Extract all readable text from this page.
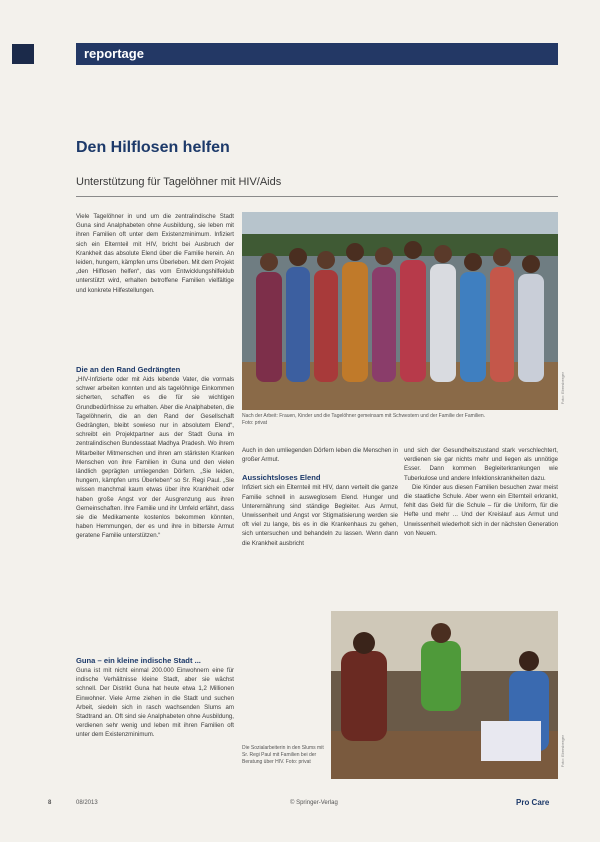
reportage
Den Hilflosen helfen
Unterstützung für Tagelöhner mit HIV/Aids

Viele Tagelöhner in und um die zentralindische Stadt Guna sind Analphabeten ohne Ausbildung, sie leben mit ihren Familien oft unter dem Existenzminimum. Infiziert sich ein Elternteil mit HIV, bricht bei Ausbruch der Krankheit das absolute Elend über die Familie herein. An leiden, hungern, kämpfen ums Überleben. Mit dem Projekt „den Hilflosen helfen“, das vom Entwicklungshilfeklub unterstützt wird, erhalten betroffene Familien vielfältige und konkrete Hilfestellungen.

Die an den Rand Gedrängten

„HIV-Infizierte oder mit Aids lebende Vater, die vormals schwer arbeiten konnten und als tagelöhnige Einkommen sicherten, schaffen es die für sie wichtigen Grundbedürfnisse zu erhalten. Aber die Analphabeten, die Tagelöhnerin, die an den Rand der Gesellschaft Gedrängten, bleibt sowieso nur in absolutem Elend“, schreibt ein Projektpartner aus der Stadt Guna im zentralindischen Bundesstaat Madhya Pradesh. Wo ihrem Mitarbeiter Mitmenschen und ihren am stärksten Kranken Menschen von ihre Familien in Guna und den vielen ländlich geprägten umliegenden Dörfern. „Sie leiden, hungern, kämpfen ums Überleben“ so Sr. Regi Paul. „Sie wissen manchmal kaum etwas über ihre Krankheit oder haben große Angst vor der Ausgrenzung aus ihren Gemeinschaften. Ihre Familie und ihr Umfeld erfährt, dass sie die Medikamente kostenlos bekommen könnten, haben Hemmungen, der es und ihre in bitterste Armut geratene Familie unterstützen.“

Guna – ein kleine indische Stadt ...

Guna ist mit nicht einmal 200.000 Einwohnern eine für indische Verhältnisse kleine Stadt, aber sie wächst schnell. Der Distrikt Guna hat heute etwa 1,2 Millionen Einwohner. Viele Arme ziehen in die Stadt und suchen Arbeit, siedeln sich in rasch wachsenden Slums am Stadtrand an. Oft sind sie Analphabeten ohne Ausbildung, verdienen sehr wenig und leben mit ihren Familien oft unter dem Existenzminimum.

Auch in den umliegenden Dörfern leben die Menschen in großer Armut.

Aussichtsloses Elend

Infiziert sich ein Elternteil mit HIV, dann verteilt die ganze Familie schnell in ausweglosem Elend. Hunger und Unterernährung sind ständige Begleiter. Aus Armut, Unwissenheit und Angst vor Stigmatisierung werden sie oft viel zu lange, bis es in die Krankenhaus zu gehen, sich untersuchen und behandeln zu lassen. Wenn dann die Krankheit ausbricht

und sich der Gesundheitszustand stark verschlechtert, verdienen sie gar nichts mehr und liegen als unnötige Esser. Dann kommen Begleiterkrankungen wie Tuberkulose und andere Infektionskrankheiten dazu.

Die Kinder aus diesen Familien besuchen zwar meist die staatliche Schule. Aber wenn ein Elternteil erkrankt, fehlt das Geld für die Schule – für die Uniform, für die Hefte und mehr ... Und der Kreislauf aus Armut und Unwissenheit wiederholt sich in der nächsten Generation von Neuem.

Nach der Arbeit: Frauen, Kinder und die Tagelöhner gemeinsam mit Schwestern und der Familie der Familien. Foto: privat
Foto: Ebersberger
Die Sozialarbeiterin in den Slums mit Sr. Regi Paul mit Familien bei der Beratung über HIV. Foto: privat	Foto: Ebersberger
8	08/2013	© Springer-Verlag	Pro Care
